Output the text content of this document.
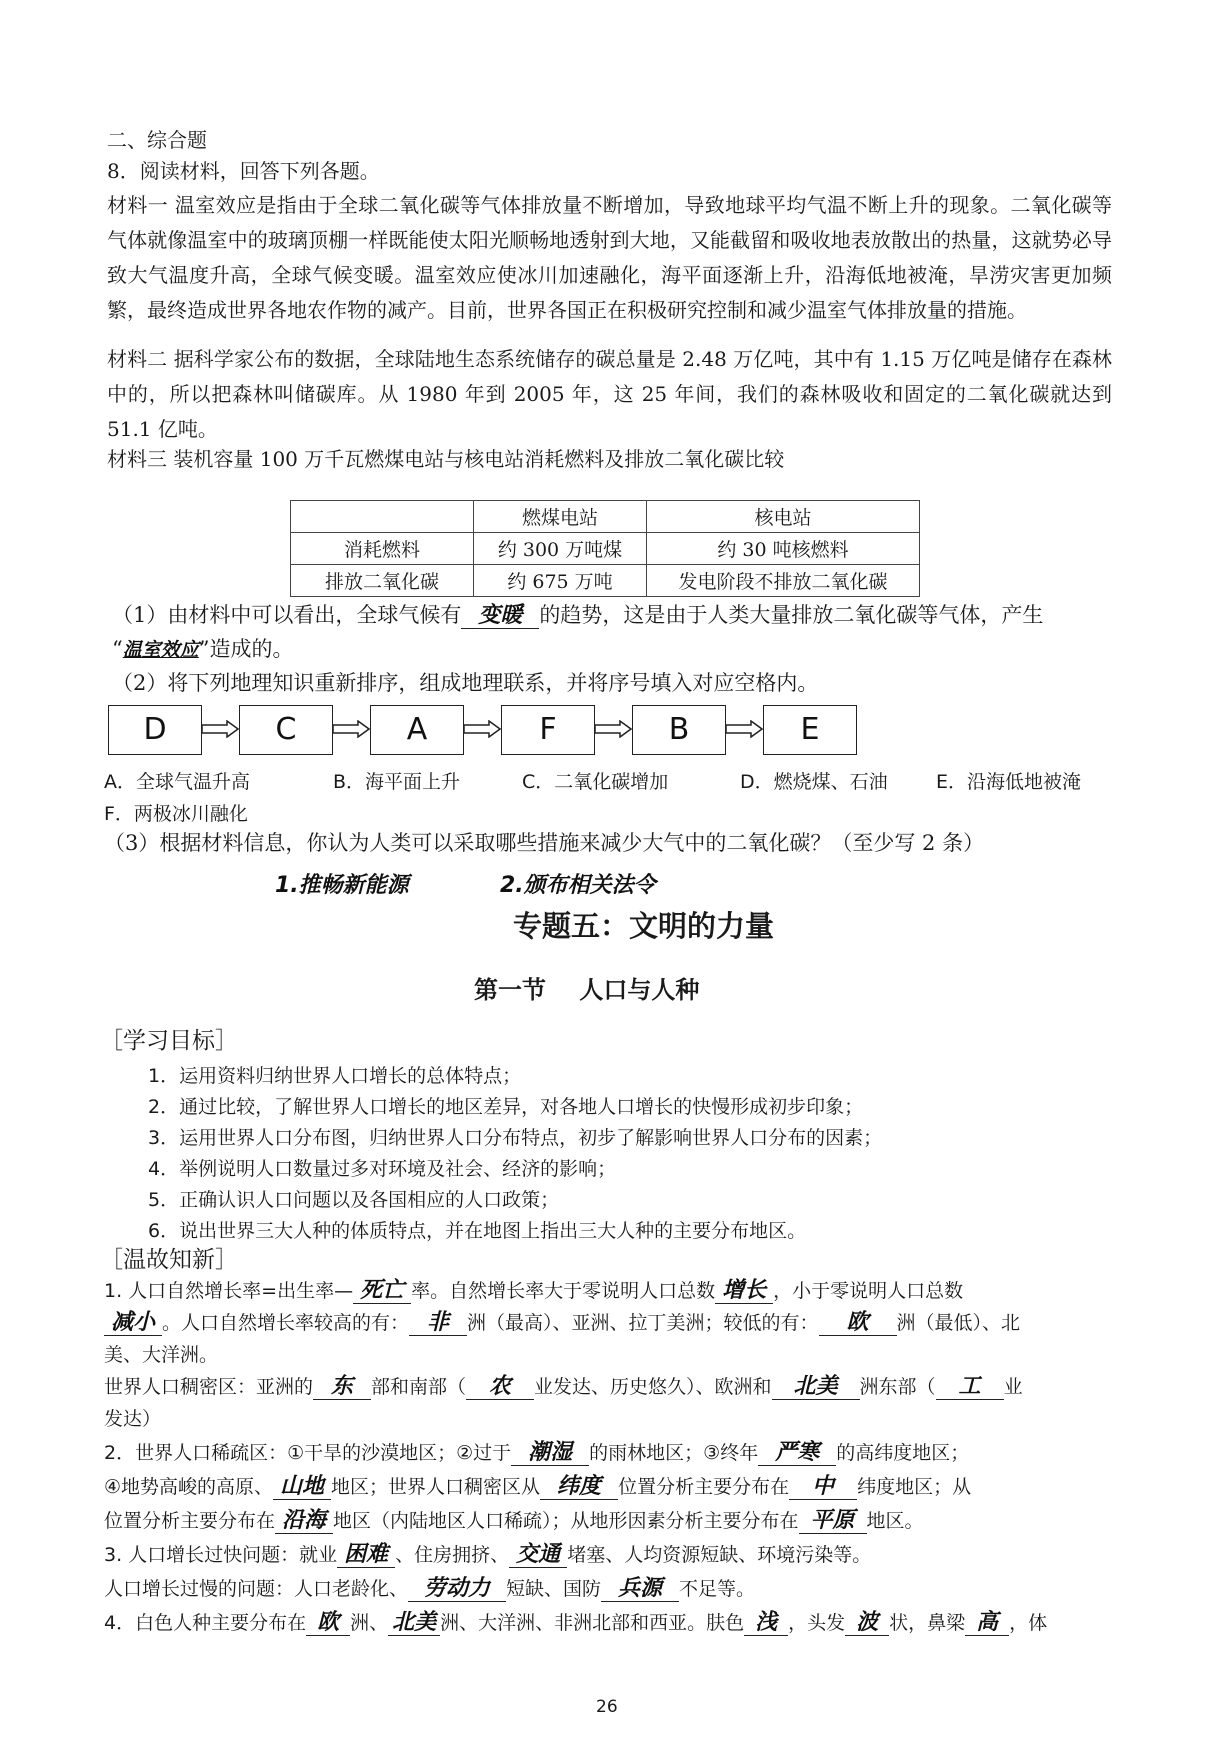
二、综合题
8．阅读材料，回答下列各题。
材料一 温室效应是指由于全球二氧化碳等气体排放量不断增加，导致地球平均气温不断上升的现象。二氧化碳等气体就像温室中的玻璃顶棚一样既能使太阳光顺畅地透射到大地，又能截留和吸收地表放散出的热量，这就势必导致大气温度升高，全球气候变暖。温室效应使冰川加速融化，海平面逐渐上升，沿海低地被淹，旱涝灾害更加频繁，最终造成世界各地农作物的减产。目前，世界各国正在积极研究控制和减少温室气体排放量的措施。
材料二 据科学家公布的数据，全球陆地生态系统储存的碳总量是 2.48 万亿吨，其中有 1.15 万亿吨是储存在森林中的，所以把森林叫储碳库。从 1980 年到 2005 年，这 25 年间，我们的森林吸收和固定的二氧化碳就达到 51.1 亿吨。
材料三 装机容量 100 万千瓦燃煤电站与核电站消耗燃料及排放二氧化碳比较
	燃煤电站	核电站
消耗燃料	约 300 万吨煤	约 30 吨核燃料
排放二氧化碳	约 675 万吨	发电阶段不排放二氧化碳
（1）由材料中可以看出，全球气候有 变暖 的趋势，这是由于人类大量排放二氧化碳等气体，产生
“温室效应”造成的。
（2）将下列地理知识重新排序，组成地理联系，并将序号填入对应空格内。
D	C	A	F	B	E
A．全球气温升高	B．海平面上升	C．二氧化碳增加	D．燃烧煤、石油	E．沿海低地被淹
F．两极冰川融化
（3）根据材料信息，你认为人类可以采取哪些措施来减少大气中的二氧化碳？（至少写 2 条）
1.推畅新能源	2.颁布相关法令
专题五：文明的力量
第一节    人口与人种
［学习目标］
1．运用资料归纳世界人口增长的总体特点；
2．通过比较，了解世界人口增长的地区差异，对各地人口增长的快慢形成初步印象；
3．运用世界人口分布图，归纳世界人口分布特点，初步了解影响世界人口分布的因素；
4．举例说明人口数量过多对环境及社会、经济的影响；
5．正确认识人口问题以及各国相应的人口政策；
6．说出世界三大人种的体质特点，并在地图上指出三大人种的主要分布地区。
［温故知新］
1. 人口自然增长率=出生率— 死亡 率。自然增长率大于零说明人口总数 增长 ，小于零说明人口总数
减小 。人口自然增长率较高的有： 非 洲（最高）、亚洲、拉丁美洲；较低的有： 欧 洲（最低）、北
美、大洋洲。
世界人口稠密区：亚洲的 东 部和南部（ 农 业发达、历史悠久）、欧洲和 北美 洲东部（ 工 业
发达）
2．世界人口稀疏区：①干旱的沙漠地区；②过于 潮湿 的雨林地区；③终年 严寒 的高纬度地区；
④地势高峻的高原、 山地 地区；世界人口稠密区从 纬度 位置分析主要分布在 中 纬度地区；从
位置分析主要分布在 沿海 地区（内陆地区人口稀疏）；从地形因素分析主要分布在 平原 地区。
3. 人口增长过快问题：就业 困难 、住房拥挤、 交通 堵塞、人均资源短缺、环境污染等。
人口增长过慢的问题：人口老龄化、 劳动力 短缺、国防 兵源 不足等。
4．白色人种主要分布在 欧 洲、 北美 洲、大洋洲、非洲北部和西亚。肤色 浅 ，头发 波 状，鼻梁 高 ，体
26
